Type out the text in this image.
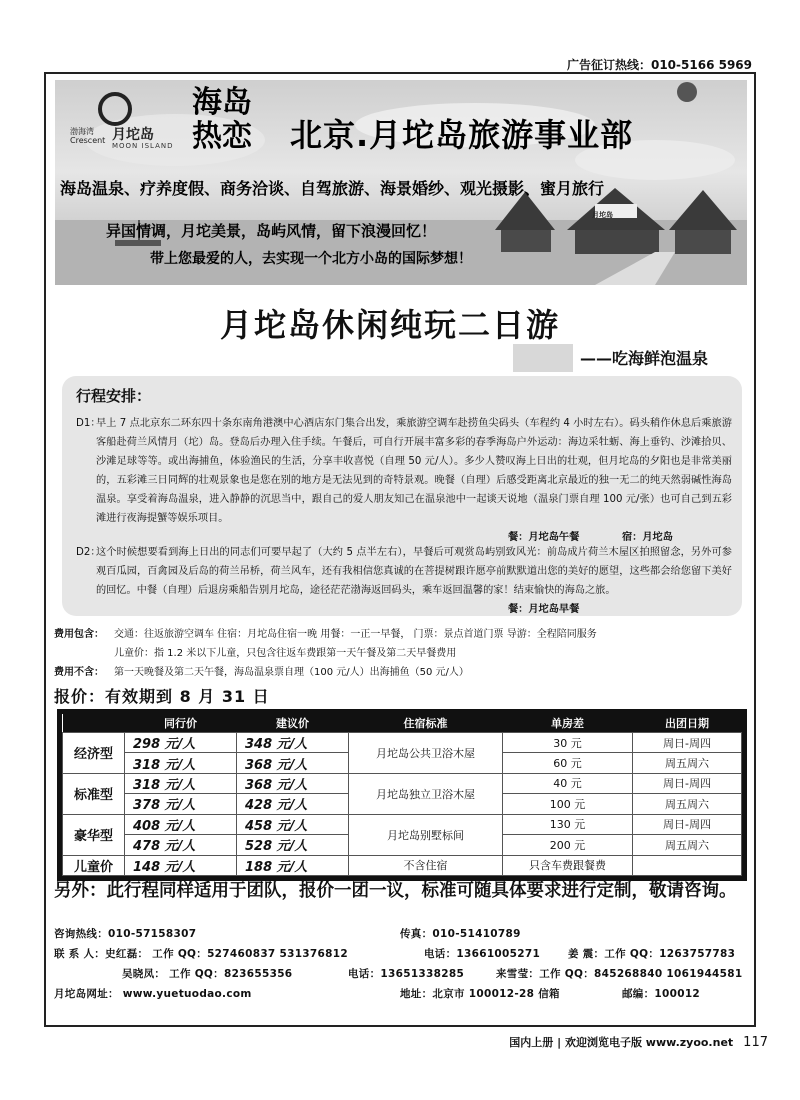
广告征订热线：010-5166 5969
渤海湾 Crescent 月坨岛
MOON ISLAND
海岛热恋	北京.月坨岛旅游事业部
海岛温泉、疗养度假、商务洽谈、自驾旅游、海景婚纱、观光摄影、蜜月旅行
异国情调，月坨美景，岛屿风情，留下浪漫回忆！
带上您最爱的人，去实现一个北方小岛的国际梦想！
月坨岛
月坨岛休闲纯玩二日游
——吃海鲜泡温泉
行程安排：
D1：
早上 7 点北京东二环东四十条东南角港澳中心酒店东门集合出发，乘旅游空调车赴捞鱼尖码头（车程约 4 小时左右）。码头稍作休息后乘旅游客船赴荷兰风情月（坨）岛。登岛后办理入住手续。午餐后，可自行开展丰富多彩的春季海岛户外运动：海边采牡蛎、海上垂钓、沙滩拾贝、沙滩足球等等。或出海捕鱼，体验渔民的生活，分享丰收喜悦（自理 50 元/人）。多少人赞叹海上日出的壮观，但月坨岛的夕阳也是非常美丽的，五彩滩三日同辉的壮观景象也是您在别的地方是无法见到的奇特景观。晚餐（自理）后感受距离北京最近的独一无二的纯天然弱碱性海岛温泉。享受着海岛温泉，进入静静的沉思当中，跟自己的爱人朋友知己在温泉池中一起谈天说地（温泉门票自理 100 元/张）也可自己到五彩滩进行夜海提蟹等娱乐项目。
餐：月坨岛午餐	宿：月坨岛
D2：
这个时候想要看到海上日出的同志们可要早起了（大约 5 点半左右），早餐后可观赏岛屿别致风光：前岛成片荷兰木屋区拍照留念，另外可参观百瓜园，百禽园及后岛的荷兰吊桥，荷兰风车，还有我相信您真诚的在菩提树跟许愿亭前默默道出您的美好的愿望，这些都会给您留下美好的回忆。中餐（自理）后退房乘船告别月坨岛，途径茫茫渤海返回码头，乘车返回温馨的家！结束愉快的海岛之旅。
餐：月坨岛早餐
费用包含： 交通：往返旅游空调车 住宿：月坨岛住宿一晚 用餐：一正一早餐， 门票：景点首道门票 导游：全程陪同服务
儿童价：指 1.2 米以下儿童，只包含往返车费跟第一天午餐及第二天早餐费用
费用不含： 第一天晚餐及第二天午餐，海岛温泉票自理（100 元/人）出海捕鱼（50 元/人）
报价：有效期到 8 月 31 日
	同行价	建议价	住宿标准	单房差	出团日期
经济型	298 元/人	348 元/人	月坨岛公共卫浴木屋	30 元	周日-周四
	318 元/人	368 元/人		60 元	周五周六
标准型	318 元/人	368 元/人	月坨岛独立卫浴木屋	40 元	周日-周四
	378 元/人	428 元/人		100 元	周五周六
豪华型	408 元/人	458 元/人	月坨岛别墅标间	130 元	周日-周四
	478 元/人	528 元/人		200 元	周五周六
儿童价	148 元/人	188 元/人	不含住宿	只含车费跟餐费	
另外：此行程同样适用于团队，报价一团一议，标准可随具体要求进行定制，敬请咨询。
咨询热线：010-57158307	传真：010-51410789
联 系 人：史红磊： 工作 QQ：527460837 531376812	电话：13661005271	姜 震：工作 QQ：1263757783
吴晓凤： 工作 QQ：823655356	电话：13651338285	来雪莹：工作 QQ：845268840 1061944581
月坨岛网址： www.yuetuodao.com	地址：北京市 100012-28 信箱	邮编：100012
国内上册 | 欢迎浏览电子版 www.zyoo.net 117
